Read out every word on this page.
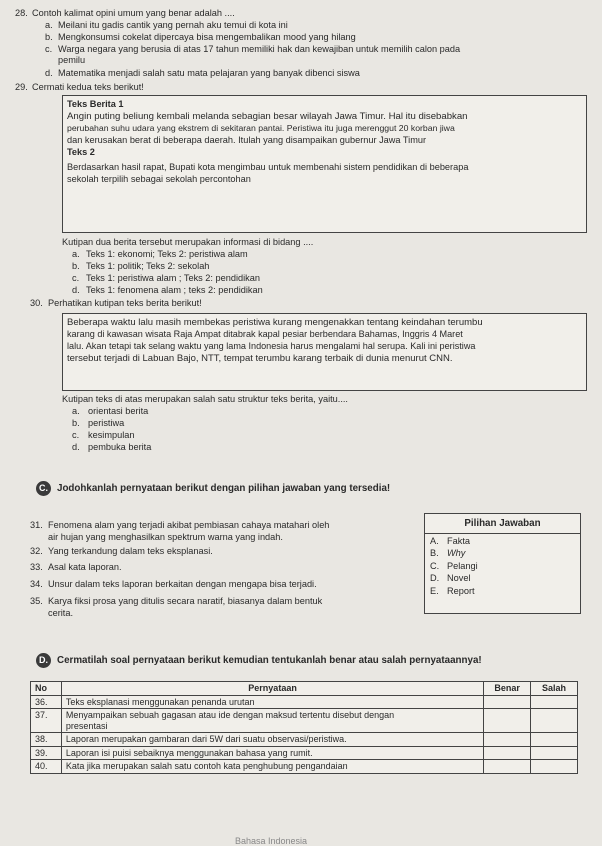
28. Contoh kalimat opini umum yang benar adalah ....
a. Meilani itu gadis cantik yang pernah aku temui di kota ini
b. Mengkonsumsi cokelat dipercaya bisa mengembalikan mood yang hilang
c. Warga negara yang berusia di atas 17 tahun memiliki hak dan kewajiban untuk memilih calon pada
pemilu
d. Matematika menjadi salah satu mata pelajaran yang banyak dibenci siswa
29. Cermati kedua teks berikut!
Teks Berita 1
Angin puting beliung kembali melanda sebagian besar wilayah Jawa Timur. Hal itu disebabkan
perubahan suhu udara yang ekstrem di sekitaran pantai. Peristiwa itu juga merenggut 20 korban jiwa
dan kerusakan berat di beberapa daerah. Itulah yang disampaikan gubernur Jawa Timur
Teks 2
Berdasarkan hasil rapat, Bupati kota mengimbau untuk membenahi sistem pendidikan di beberapa
sekolah terpilih sebagai sekolah percontohan
Kutipan dua berita tersebut merupakan informasi di bidang ....
a. Teks 1: ekonomi; Teks 2: peristiwa alam
b. Teks 1: politik; Teks 2: sekolah
c. Teks 1: peristiwa alam ; Teks 2: pendidikan
d. Teks 1: fenomena alam ; teks 2: pendidikan
30. Perhatikan kutipan teks berita berikut!
Beberapa waktu lalu masih membekas peristiwa kurang mengenakkan tentang keindahan terumbu
karang di kawasan wisata Raja Ampat ditabrak kapal pesiar berbendara Bahamas, Inggris 4 Maret
lalu. Akan tetapi tak selang waktu yang lama Indonesia harus mengalami hal serupa. Kali ini peristiwa
tersebut terjadi di Labuan Bajo, NTT, tempat terumbu karang terbaik di dunia menurut CNN.
Kutipan teks di atas merupakan salah satu struktur teks berita, yaitu....
a. orientasi berita
b. peristiwa
c. kesimpulan
d. pembuka berita
C. Jodohkanlah pernyataan berikut dengan pilihan jawaban yang tersedia!
31. Fenomena alam yang terjadi akibat pembiasan cahaya matahari oleh
air hujan yang menghasilkan spektrum warna yang indah.
32. Yang terkandung dalam teks eksplanasi.
33. Asal kata laporan.
34. Unsur dalam teks laporan berkaitan dengan mengapa bisa terjadi.
35. Karya fiksi prosa yang ditulis secara naratif, biasanya dalam bentuk
cerita.
Pilihan Jawaban
A. Fakta
B. Why
C. Pelangi
D. Novel
E. Report
D. Cermatilah soal pernyataan berikut kemudian tentukanlah benar atau salah pernyataannya!
No	Pernyataan	Benar	Salah
36.	Teks eksplanasi menggunakan penanda urutan		
37.	Menyampaikan sebuah gagasan atau ide dengan maksud tertentu disebut dengan
presentasi		

38.	Laporan merupakan gambaran dari 5W dari suatu observasi/peristiwa.		
39.	Laporan isi puisi sebaiknya menggunakan bahasa yang rumit.		
40.	Kata jika merupakan salah satu contoh kata penghubung pengandaian		
Bahasa Indonesia
